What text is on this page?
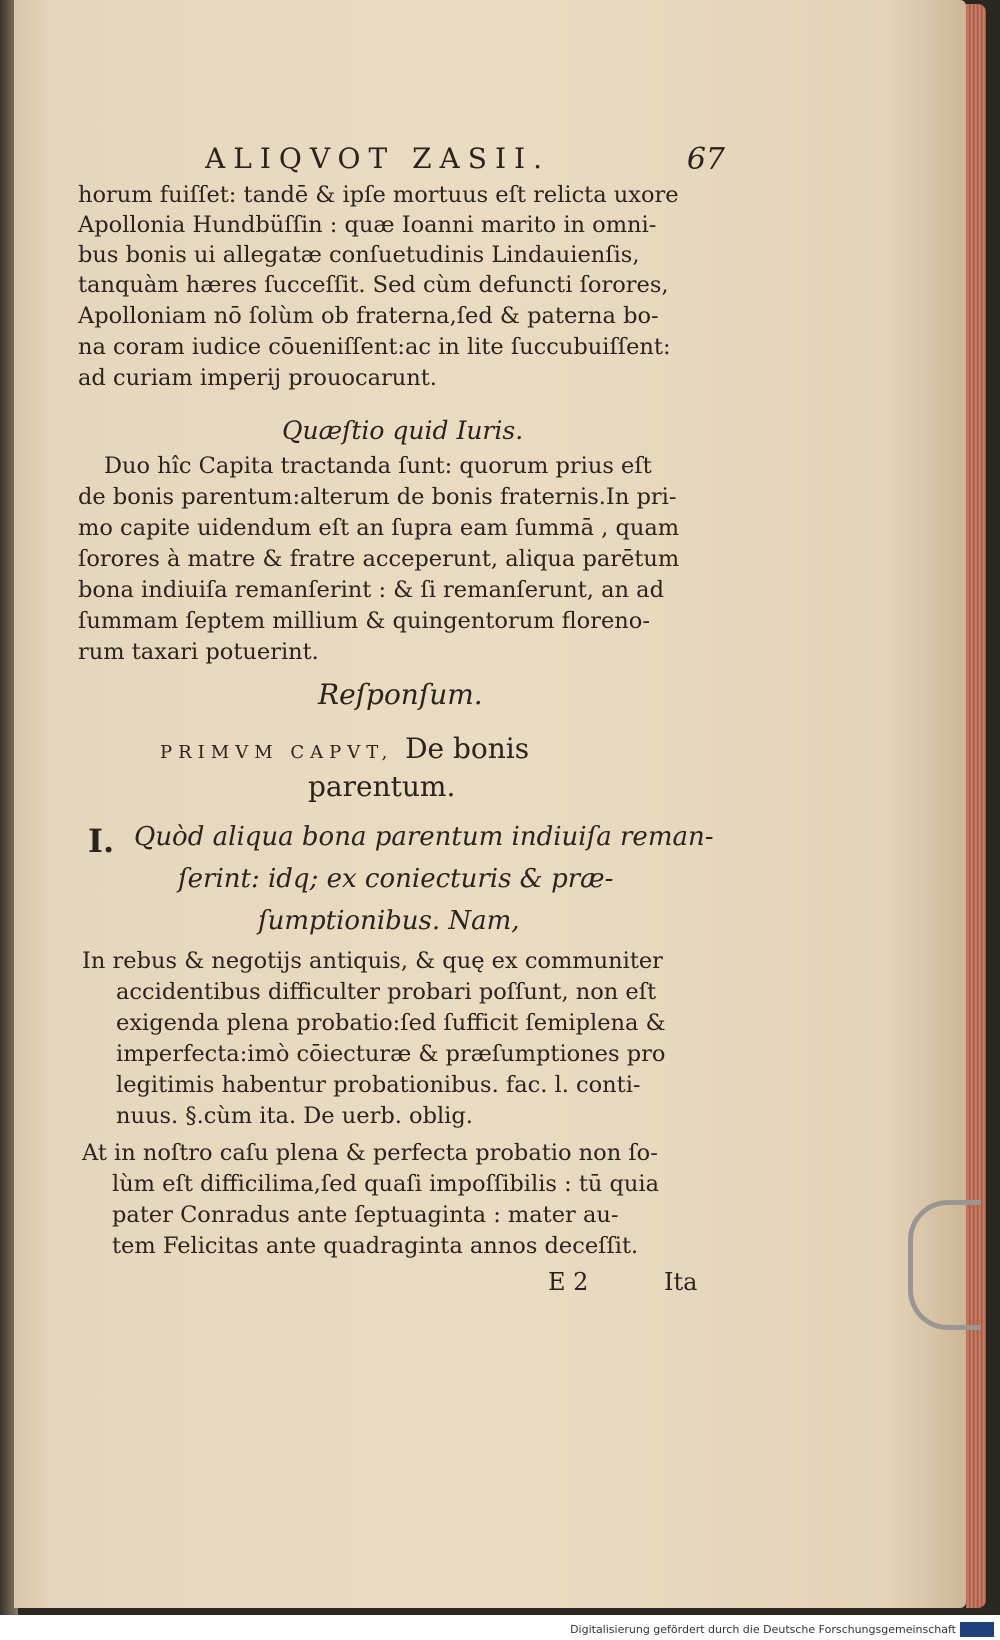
ALIQVOT ZASII.	67
horum fuiſſet: tandē & ipſe mortuus eſt relicta uxore
Apollonia Hundbüſſin : quæ Ioanni marito in omni-
bus bonis ui allegatæ conſuetudinis Lindauienſis,
tanquàm hæres ſucceſſit. Sed cùm defuncti ſorores,
Apolloniam nō ſolùm ob fraterna,ſed & paterna bo-
na coram iudice cōueniſſent:ac in lite ſuccubuiſſent:
ad curiam imperij prouocarunt.
Quæſtio quid Iuris.
Duo hîc Capita tractanda ſunt: quorum prius eſt
de bonis parentum:alterum de bonis fraternis.In pri-
mo capite uidendum eſt an ſupra eam ſummā , quam
ſorores à matre & fratre acceperunt, aliqua parētum
bona indiuiſa remanſerint : & ſi remanſerunt, an ad
ſummam ſeptem millium & quingentorum floreno-
rum taxari potuerint.
Reſponſum.
PRIMVM CAPVT, De bonis
parentum.
I. Quòd aliqua bona parentum indiuiſa reman-
ſerint: idq; ex coniecturis & præ-
ſumptionibus. Nam,
In rebus & negotijs antiquis, & quę ex communiter
accidentibus difficulter probari poſſunt, non eſt
exigenda plena probatio:ſed ſufficit ſemiplena &
imperfecta:imò cōiecturæ & præſumptiones pro
legitimis habentur probationibus. fac. l. conti-
nuus. §.cùm ita. De uerb. oblig.
At in noſtro caſu plena & perfecta probatio non ſo-
lùm eſt difficilima,ſed quaſi impoſſibilis : tū quia
pater Conradus ante ſeptuaginta : mater au-
tem Felicitas ante quadraginta annos deceſſit.
E 2	Ita
Digitalisierung gefördert durch die Deutsche Forschungsgemeinschaft
